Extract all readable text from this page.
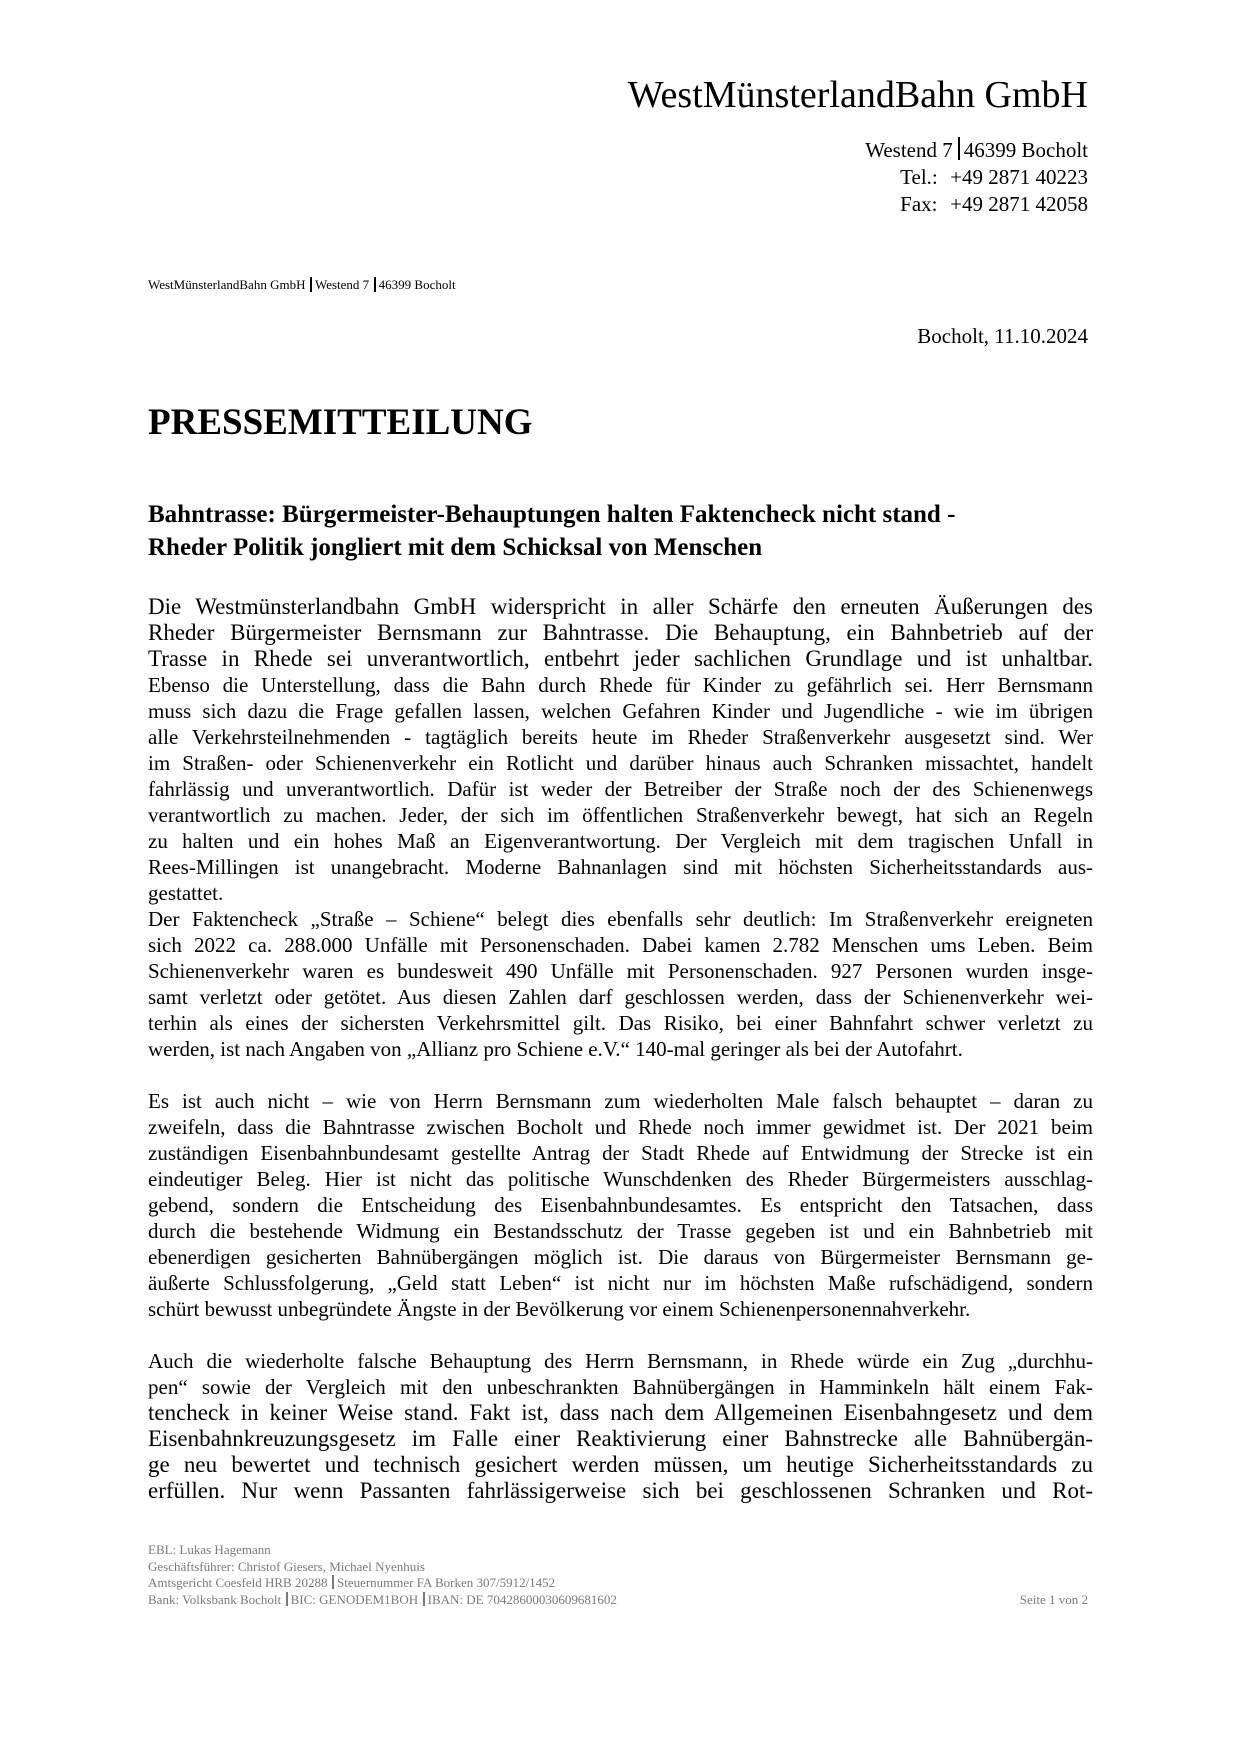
WestMünsterlandBahn GmbH
Westend 7 46399 Bocholt
Tel.: +49 2871 40223
Fax: +49 2871 42058
WestMünsterlandBahn GmbH Westend 7 46399 Bocholt
Bocholt, 11.10.2024
PRESSEMITTEILUNG
Bahntrasse: Bürgermeister-Behauptungen halten Faktencheck nicht stand -
Rheder Politik jongliert mit dem Schicksal von Menschen
Die Westmünsterlandbahn GmbH widerspricht in aller Schärfe den erneuten Äußerungen des
Rheder Bürgermeister Bernsmann zur Bahntrasse. Die Behauptung, ein Bahnbetrieb auf der
Trasse in Rhede sei unverantwortlich, entbehrt jeder sachlichen Grundlage und ist unhaltbar.
Ebenso die Unterstellung, dass die Bahn durch Rhede für Kinder zu gefährlich sei. Herr Bernsmann
muss sich dazu die Frage gefallen lassen, welchen Gefahren Kinder und Jugendliche - wie im übrigen
alle Verkehrsteilnehmenden - tagtäglich bereits heute im Rheder Straßenverkehr ausgesetzt sind. Wer
im Straßen- oder Schienenverkehr ein Rotlicht und darüber hinaus auch Schranken missachtet, handelt
fahrlässig und unverantwortlich. Dafür ist weder der Betreiber der Straße noch der des Schienenwegs
verantwortlich zu machen. Jeder, der sich im öffentlichen Straßenverkehr bewegt, hat sich an Regeln
zu halten und ein hohes Maß an Eigenverantwortung. Der Vergleich mit dem tragischen Unfall in
Rees-Millingen ist unangebracht. Moderne Bahnanlagen sind mit höchsten Sicherheitsstandards aus-
gestattet.
Der Faktencheck „Straße – Schiene“ belegt dies ebenfalls sehr deutlich: Im Straßenverkehr ereigneten
sich 2022 ca. 288.000 Unfälle mit Personenschaden. Dabei kamen 2.782 Menschen ums Leben. Beim
Schienenverkehr waren es bundesweit 490 Unfälle mit Personenschaden. 927 Personen wurden insge-
samt verletzt oder getötet. Aus diesen Zahlen darf geschlossen werden, dass der Schienenverkehr wei-
terhin als eines der sichersten Verkehrsmittel gilt. Das Risiko, bei einer Bahnfahrt schwer verletzt zu
werden, ist nach Angaben von „Allianz pro Schiene e.V.“ 140-mal geringer als bei der Autofahrt.
Es ist auch nicht – wie von Herrn Bernsmann zum wiederholten Male falsch behauptet – daran zu
zweifeln, dass die Bahntrasse zwischen Bocholt und Rhede noch immer gewidmet ist. Der 2021 beim
zuständigen Eisenbahnbundesamt gestellte Antrag der Stadt Rhede auf Entwidmung der Strecke ist ein
eindeutiger Beleg. Hier ist nicht das politische Wunschdenken des Rheder Bürgermeisters ausschlag-
gebend, sondern die Entscheidung des Eisenbahnbundesamtes. Es entspricht den Tatsachen, dass
durch die bestehende Widmung ein Bestandsschutz der Trasse gegeben ist und ein Bahnbetrieb mit
ebenerdigen gesicherten Bahnübergängen möglich ist. Die daraus von Bürgermeister Bernsmann ge-
äußerte Schlussfolgerung, „Geld statt Leben“ ist nicht nur im höchsten Maße rufschädigend, sondern
schürt bewusst unbegründete Ängste in der Bevölkerung vor einem Schienenpersonennahverkehr.
Auch die wiederholte falsche Behauptung des Herrn Bernsmann, in Rhede würde ein Zug „durchhu-
pen“ sowie der Vergleich mit den unbeschrankten Bahnübergängen in Hamminkeln hält einem Fak-
tencheck in keiner Weise stand. Fakt ist, dass nach dem Allgemeinen Eisenbahngesetz und dem
Eisenbahnkreuzungsgesetz im Falle einer Reaktivierung einer Bahnstrecke alle Bahnübergän-
ge neu bewertet und technisch gesichert werden müssen, um heutige Sicherheitsstandards zu
erfüllen. Nur wenn Passanten fahrlässigerweise sich bei geschlossenen Schranken und Rot-
EBL: Lukas Hagemann
Geschäftsführer: Christof Giesers, Michael Nyenhuis
Amtsgericht Coesfeld HRB 20288 Steuernummer FA Borken 307/5912/1452
Bank: Volksbank Bocholt BIC: GENODEM1BOH IBAN: DE 70428600030609681602	Seite 1 von 2
